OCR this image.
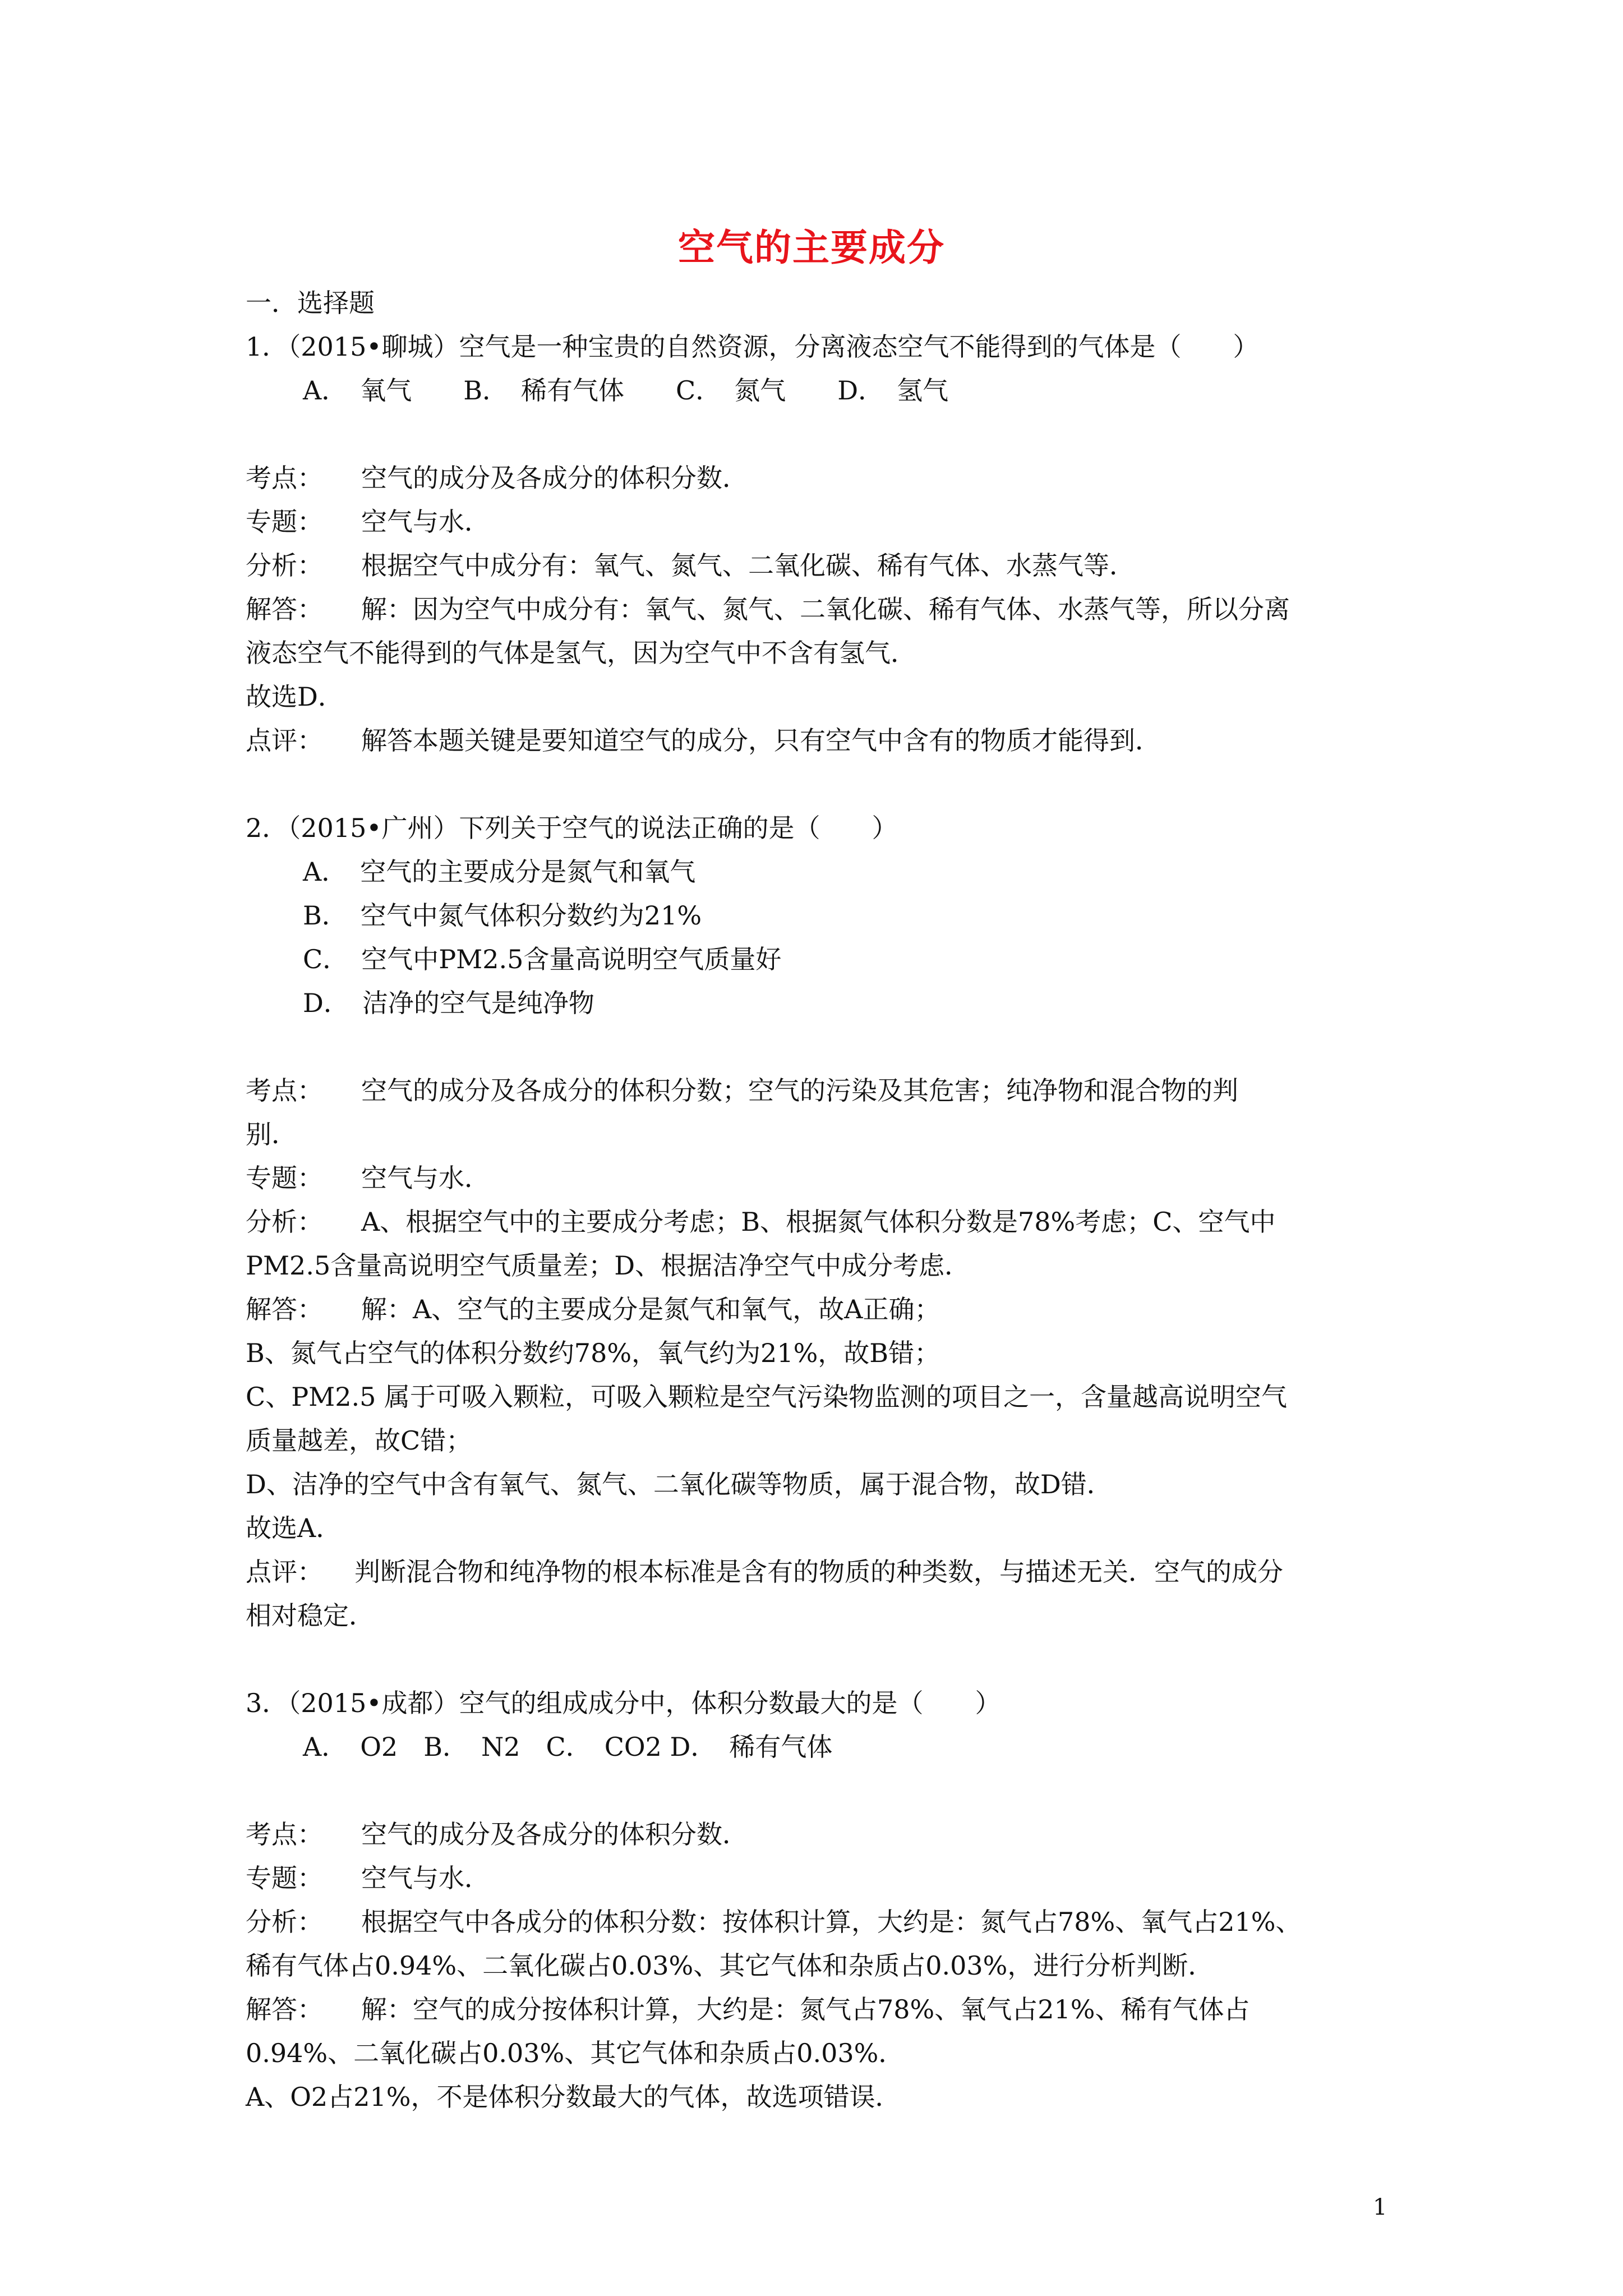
空气的主要成分
一．选择题
1．（2015•聊城）空气是一种宝贵的自然资源，分离液态空气不能得到的气体是（　　）
A．　氧气　　B．　稀有气体　　C．　氮气　　D．　氢气
考点： 空气的成分及各成分的体积分数．
专题： 空气与水．
分析： 根据空气中成分有：氧气、氮气、二氧化碳、稀有气体、水蒸气等．
解答： 解：因为空气中成分有：氧气、氮气、二氧化碳、稀有气体、水蒸气等，所以分离
液态空气不能得到的气体是氢气，因为空气中不含有氢气．
故选D．
点评： 解答本题关键是要知道空气的成分，只有空气中含有的物质才能得到．
2．（2015•广州）下列关于空气的说法正确的是（　　）
A．　空气的主要成分是氮气和氧气
B．　空气中氮气体积分数约为21%
C．　空气中PM2.5含量高说明空气质量好
D．　洁净的空气是纯净物
考点： 空气的成分及各成分的体积分数；空气的污染及其危害；纯净物和混合物的判
别．
专题： 空气与水．
分析： A、根据空气中的主要成分考虑；B、根据氮气体积分数是78%考虑；C、空气中
PM2.5含量高说明空气质量差；D、根据洁净空气中成分考虑．
解答： 解：A、空气的主要成分是氮气和氧气，故A正确；
B、氮气占空气的体积分数约78%，氧气约为21%，故B错；
C、PM2.5 属于可吸入颗粒，可吸入颗粒是空气污染物监测的项目之一，含量越高说明空气
质量越差，故C错；
D、洁净的空气中含有氧气、氮气、二氧化碳等物质，属于混合物，故D错．
故选A．
点评： 判断混合物和纯净物的根本标准是含有的物质的种类数，与描述无关．空气的成分
相对稳定．
3．（2015•成都）空气的组成成分中，体积分数最大的是（　　）
A．　O2　B．　N2　C．　CO2 D．　稀有气体
考点： 空气的成分及各成分的体积分数．
专题： 空气与水．
分析： 根据空气中各成分的体积分数：按体积计算，大约是：氮气占78%、氧气占21%、
稀有气体占0.94%、二氧化碳占0.03%、其它气体和杂质占0.03%，进行分析判断．
解答： 解：空气的成分按体积计算，大约是：氮气占78%、氧气占21%、稀有气体占
0.94%、二氧化碳占0.03%、其它气体和杂质占0.03%．
A、O2占21%，不是体积分数最大的气体，故选项错误．
1
